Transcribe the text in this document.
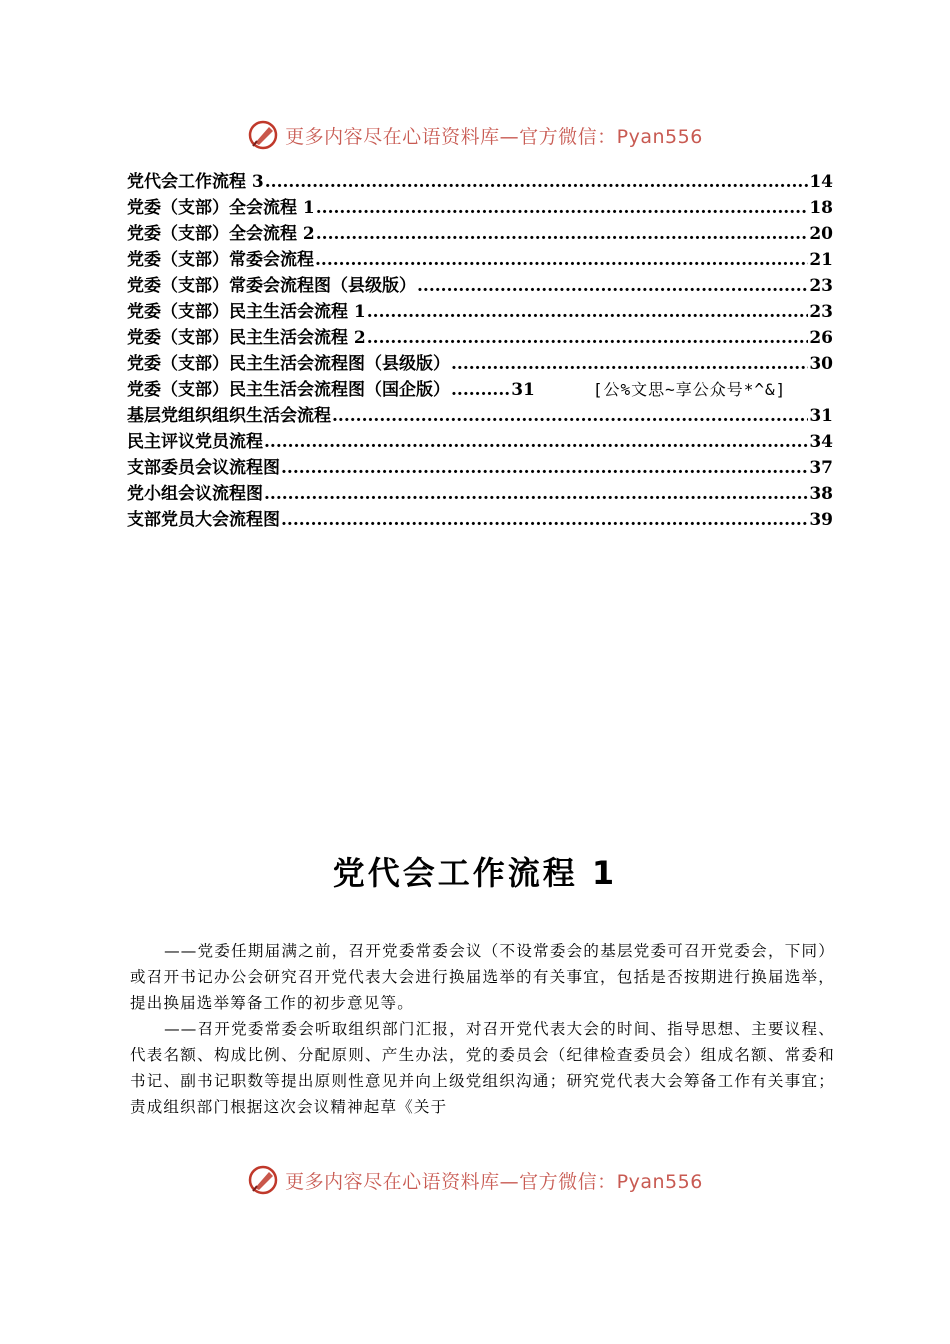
更多内容尽在心语资料库—官方微信：Pyan556
党代会工作流程 3 .....	14
党委（支部）全会流程 1 .....	18
党委（支部）全会流程 2 .....	20
党委（支部）常委会流程 .....	21
党委（支部）常委会流程图（县级版） .....	23
党委（支部）民主生活会流程 1 .....	23
党委（支部）民主生活会流程 2 .....	26
党委（支部）民主生活会流程图（县级版） .....	30
党委（支部）民主生活会流程图（国企版） .....	31	[公%文思~享公众号*^&]
基层党组织组织生活会流程 .....	31
民主评议党员流程 .....	34
支部委员会议流程图 .....	37
党小组会议流程图 .....	38
支部党员大会流程图 .....	39
党代会工作流程 1

——党委任期届满之前，召开党委常委会议（不设常委会的基层党委可召开党委会，下同）或召开书记办公会研究召开党代表大会进行换届选举的有关事宜，包括是否按期进行换届选举，提出换届选举筹备工作的初步意见等。

——召开党委常委会听取组织部门汇报，对召开党代表大会的时间、指导思想、主要议程、代表名额、构成比例、分配原则、产生办法，党的委员会（纪律检查委员会）组成名额、常委和书记、副书记职数等提出原则性意见并向上级党组织沟通；研究党代表大会筹备工作有关事宜；责成组织部门根据这次会议精神起草《关于

更多内容尽在心语资料库—官方微信：Pyan556
